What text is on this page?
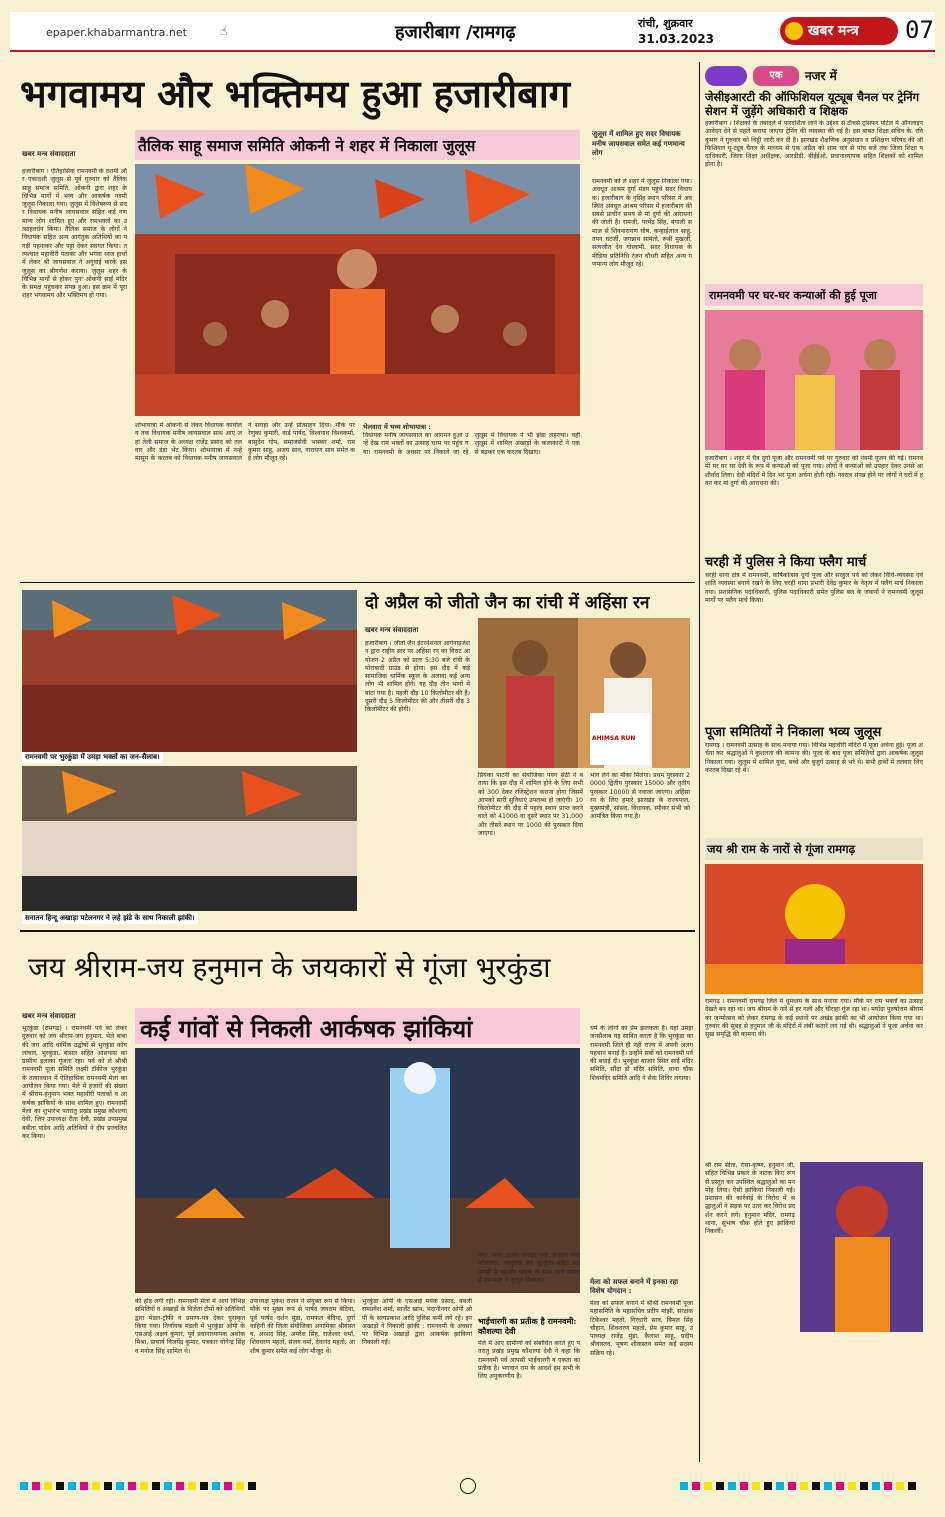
epaper.khabarmantra.net	☝	हजारीबाग /रामगढ़	रांची, शुक्रवार
31.03.2023	खबर मन्त्र 07
भगवामय और भक्तिमय हुआ हजारीबाग
तैलिक साहू समाज समिति ओकनी ने शहर में निकाला जुलूस
खबर मन्त्र संवाददाता
जुलूस में शामिल हुए सदर विधायक मनीष जायसवाल समेत कई गणमान्य लोग
हजारीबाग । ऐतिहासिक रामनवमी के दशमी और एकादशी जुलूस से पूर्व गुरुवार को तैलिक साहू समाज समिति, ओकनी द्वारा शहर के विभिन्न मार्गों में भव्य और आकर्षक नवमी जुलूस निकाला गया। जुलूस में विशेषरूप से सदर विधायक मनीष जायसवाल सहित कई गणमान्य लोग शामिल हुए और रामभक्तों का उत्साहवर्धन किया। तैलिक समाज के लोगों ने विधायक सहित अन्य आगंतुक अतिथियों का पगड़ी पहनाकर और पट्टा देकर स्वागत किया। तत्पश्चात महावीरी पताका और भगवा ध्वज हाथों में लेकर श्री जायसवाल ने अगुवाई करके इस जुलूस का श्रीगणेश कराया। जुलूस शहर के विभिन्न मार्गों से होकर पुनः ओकनी साईं मंदिर के समक्ष पहुंचकर संपन्न हुआ। इस क्रम में पूरा शहर भगवामय और भक्तिमय हो गया।
शोभायात्रा में ओकनी से लेकर विधायक कार्यालय तक विधायक मनीष जायसवाल साथ आए जहां तेली समाज के अध्यक्ष राजेंद्र प्रसाद को तलवार और डंडा भेंट किया। शोभायात्रा में नन्हें मासूम के करतब को विधायक मनीष जायसवाल ने सराहा और उन्हें प्रोत्साहन दिया। मौके पर रेणुका कुमारी, वार्ड पार्षद, विश्वनाथ विश्वकर्मा, बासुदेव गोप, समाजसेवी भास्कर शर्मा, राम कुमार साहू, अजय साव, नारायण साव समेत कई लोग मौजूद रहे।
भेलवारा में भव्य शोभायात्रा :
विधायक मनीष जायसवाल का आगमन हुआ उन्हें देख राम भक्तों का उत्साह चरम पर पहुंच गया। रामनवमी के अवसर पर निकाले जा रहे जुलूस में विधायक ने भी झंडा लहराया। वहीं जुलूस में शामिल अखाड़ों के कलाकारों ने एक से बढ़कर एक करतब दिखाए।
रामनवमी को ले शहर में जुलूस निकाला गया। अवधूत आश्रम दुर्गा मंडप पहुंचे सदर विधायक। हजारीबाग के नृसिंह स्थान परिसर में अवस्थित अवधूत आश्रम परिसर में हजारीबाग की सबसे प्राचीन समय से मां दुर्गा की आराधना की जाती है। रामजी, परमेंद्र सिंह, बंगाली समाज से शिवनारायण घोष, कन्हाईलाल साहू, तपन चटर्जी, जगन्नाथ सामंतो, रूबी मुखर्जी, सत्यजीत देव गोस्वामी, सदर विधायक के मीडिया प्रतिनिधि रंजन चौधरी सहित अन्य गणमान्य लोग मौजूद रहे।
दो अप्रैल को जीतो जैन का रांची में अहिंसा रन
खबर मन्त्र संवाददाता
हजारीबाग । जीतो जैन इंटरनेशनल आर्गेनाइजेशन द्वारा राष्ट्रीय स्तर पर अहिंसा रन का विराट आयोजन 2 अप्रैल को प्रातः 5:30 बजे रांची के मोराबादी ग्राउंड से होगा। इस दौड़ में कई सामाजिक धार्मिक स्कूल के अलावा कई अन्य लोग भी शामिल होंगे। यह दौड़ तीन भागों में बांटा गया है। पहली दौड़ 10 किलोमीटर की है। दूसरी दौड़ 5 किलोमीटर की और तीसरी दौड़ 3 किलोमीटर की होगी।
AHIMSA RUN
प्रियंका पाटनी का संयोजिका पवन सेठी ने बताया कि इस दौड़ में शामिल होने के लिए सभी को 300 देकर रजिस्ट्रेशन कराना होगा जिसमें आपको सारी सुविधाएं उपलब्ध हो जाएंगी। 10 किलोमीटर की दौड़ में पहला स्थान प्राप्त करने वाले को 41000 वा दूसरे स्थान पर 31,000 और तीसरे स्थान पर 1000 की पुरस्कार दिया जाएगा।
भाग लेने का मौका मिलेगा। प्रथम पुरस्कार 20000 द्वितीय पुरस्कार 15000 और तृतीय पुरस्कार 10000 से नवाजा जाएगा। अहिंसा रन के लिए हमारे झारखंड के राज्यपाल, मुख्यमंत्री, सांसद, विधायक, स्पीकर सभी को आमंत्रित किया गया है।
रामनवमी पर भुरकुंडा में उमड़ा भक्तों का जन-सैलाब।
सनातन हिन्दू अखाड़ा पटेलनगर ने लहे झंडे के साथ निकाली झांकी।
एक	नजर में
जेसीइआरटी की ऑफिशियल यूट्यूब चैनल पर ट्रेनिंग सेशन में जुड़ेंगे अधिकारी व शिक्षक
हजारीबाग । शिक्षकों के तबादले में पारदर्शिता लाने के उद्देश्य से टीचर्स ट्रांसफर पोर्टल में ऑनलाइन आवेदन देने से पहले कराया जाएगा ट्रेनिंग की व्यवस्था की गई है। इस बाबत शिक्षा सचिव के. रवि कुमार ने गुरुवार को चिट्ठी जारी कर दी है। झारखंड शैक्षणिक अनुसंधान व प्रशिक्षण परिषद की ऑफिशियल यू-ट्यूब चैनल के माध्यम से एक अप्रैल को शाम चार से पांच बजे तक जिला शिक्षा पदाधिकारी, जिला शिक्षा अधीक्षक, आरडीडी, बीईईओ, प्रधानाध्यापक सहित शिक्षकों को शामिल होना है।
रामनवमी पर घर-घर कन्याओं की हुई पूजा
हजारीबाग । शहर में चैत्र दुर्गा पूजा और रामनवमी पर्व पर गुरुवार को नवमी पूजन की गई। रामनवमी पर घर घर देवी के रूप में कन्याओं को पूजा गया। लोगों ने कन्याओं को उपहार देकर उनसे आशीर्वाद लिया। देवी मंदिरों में दिन भर पूजा अर्चना होती रही। नवरात्र संपन्न होने पर लोगों ने घरों में हवन कर मां दुर्गा की आराधना की।
चरही में पुलिस ने किया फ्लैग मार्च
चरही थाना क्षेत्र में रामनवमी, वार्षिकोत्सव दुर्गा पूजा और सरहुल पर्व को लेकर विधि-व्यवस्था एवं शांति व्यवस्था बनाये रखने के लिए चरही थाना प्रभारी देवेंद्र कुमार के नेतृत्व में फ्लैग मार्च निकाला गया। प्रशासनिक पदाधिकारी, पुलिस पदाधिकारी समेत पुलिस बल के जवानों ने रामनवमी जुलूस मार्गों पर फ्लैग मार्च किया।
पूजा समितियों ने निकाला भव्य जुलूस
रामगढ़ । रामनवमी उत्साह के साथ मनाया गया। विभिन्न महावीरी मंदिरों में पूजा अर्चना हुई। पूजा अर्चना कर श्रद्धालुओं ने कुशलता की कामना की। पूजा के बाद पूजा समितियों द्वारा आकर्षक जुलूस निकाला गया। जुलूस में शामिल युवा, बच्चे और बुजुर्ग उत्साह से भरे थे। सभी हाथों में तलवार लिए करतब दिखा रहे थे।
जय श्री राम के नारों से गूंजा रामगढ़
रामगढ़ । रामनवमी रामगढ़ जिले में धूमधाम के साथ मनाया गया। मौके पर राम भक्तों का उत्साह देखते बन रहा था। जय श्रीराम के नारे से हर गली और चौराहा गूंज रहा था। मर्यादा पुरुषोत्तम श्रीराम का जन्मोत्सव को लेकर रामगढ़ के कई स्थानों पर अखंड झांकी का भी आयोजन किया गया था। गुरुवार की सुबह से हनुमान जी के मंदिरों में लंबी कतारें लग गई थी। श्रद्धालुओं ने पूजा अर्चना कर सुख समृद्धि की कामना की।
श्री राम सीता, राधा-कृष्ण, हनुमान जी, सहित विभिन्न प्रकार के नाटक किए रूप से प्रस्तुत कर उपस्थित श्रद्धालुओं का मन मोह लिया। ऐसी झांकियां निकाली गईं। प्रशासन की कार्रवाई के विरोध में श्रद्धालुओं ने सड़क पर उतर कर विरोध प्रदर्शन करने लगे। हनुमान मंदिर, रामगढ़ थाना, सुभाष चौक होते हुए झांकियां निकलीं।
जय श्रीराम-जय हनुमान के जयकारों से गूंजा भुरकुंडा
खबर मन्त्र संवाददाता	कई गांवों से निकली आर्कषक झांकियां
भुरकुंडा (रामगढ़) । रामनवमी पर्व को लेकर गुरुवार को जय श्रीराम-जय हनुमान, भेले बाबा की जय आदि धार्मिक उद्घोषों से भुरकुंडा कोयलांचल, भुरकुंडा, बासल सहित आसपास का ग्रामीण इलाका गूंजता रहा। पर्व को ले श्रीश्री रामनवमी पूजा समिति लक्ष्मी टॉकीज भुरकुंडा के तत्वावधान में ऐतिहासिक रामनवमी मेला का आयोजन किया गया। मेले में हजारों की संख्या में श्रीराम-हनुमान भक्त महावीरी पताकों व आकर्षक झांकियों के साथ शामिल हुए। रामनवमी मेला का शुभारंभ पतरातु प्रखंड प्रमुख कौशल्या देवी, जिप उपाध्यक्ष रीता देवी, प्रखंड उपप्रमुख बबीता पांडेय आदि अतिथियों ने दीप प्रज्वलित कर किया।
की होड़ लगी रही। रामनवमी मेला में आये विभिन्न समितियों व अखाड़ों के विजेता टीमों को अतिथियों द्वारा मेडल-ट्रॉफी व प्रमाण-पत्र देकर पुरस्कृत किया गया। निर्णायक मंडली में भुरकुंडा ओपी के एसआई अक्षय कुमार, पूर्व प्रधानाध्यापक अशोक मिश्रा, प्राचार्य विजयेंद्र कुमार, पत्रकार योगेन्द्र सिंह व मनोज सिंह शामिल थे।
उपाध्यक्ष मुकेश राजन ने संयुक्त रूप से किया। मौके पर मुख्य रूप से पार्षद जयराम बेदिया, पूर्व पार्षद दर्शन मुंडा, रामफल बेदिया, दुर्गा वाहिनी की जिला संयोजिका अनामिका श्रीवास्तव, अरशद सिंह, अमरेश सिंह, राजेश्वर शर्मा, शिवचरण महतो, संजय वर्मा, देवानंद महतो, आशीष कुमार समेत कई लोग मौजूद थे।
भुरकुंडा ओपी के एसआई मयंक प्रसाद, बबली रामप्रवेश शर्मा, सार्जेंट खान, भदानीनगर ओपी ओपी के सत्यप्रकाश आदि पुलिस कर्मी लगे रहे। इन अखाड़ों ने निकाली झांकी : रामनवमी के अवसर पर विभिन्न अखाड़ों द्वारा आकर्षक झांकियां निकाली गईं।
नगर, पतरा आश्रम जवाहर नगर, सनातन सेवा पटेलनगर, नवयुवक संघ भुरकुंडा सहित कई जगहों से महावीर पताके के साथ भारी संख्या में रामभक्त ने जुलूस निकाला।
भाईचारगी का प्रतीक है रामनवमी: कौशल्या देवी
मेले में आए ग्रामीणों को संबोधित करते हुए पतरातु प्रखंड प्रमुख कौशल्या देवी ने कहा कि रामनवमी पर्व आपसी भाईचारगी व एकता का प्रतीक है। भगवान राम के आदर्श हम सभी के लिए अनुकरणीय है।
धर्म के लोगों का प्रेम झलकता है। यहां उमड़ा जनसैलाब यह साबित करता है कि भुरकुंडा का रामनवमी जिले ही नहीं राज्य में अपनी अलग पहचान बनाई है। उन्होंने सबों को रामनवमी पर्व की बधाई दी। भुरकुंडा बाजार स्थित साईं मंदिर समिति, सौंदा डी मंदिर समिति, थाना चौक शिवमंदिर समिति आदि ने सेवा शिविर लगाया।
मेला को सफल बनाने में इनका रहा विशेष योगदान :
मेला को सफल बनाने में श्रीश्री रामनवमी पूजा महासमिति के महासचिव प्रदीप मांझी, संरक्षक टिकेश्वर महतो, गिरधारी साव, बिमल सिंह चौहान, शिवशरण महतो, प्रेम कुमार साहू, उपाध्यक्ष राजेंद्र मुंडा, कैलाश साहू, प्रदीप श्रीवास्तव, भूषण शीवास्तव समेत कई सदस्य सक्रिय रहे।
